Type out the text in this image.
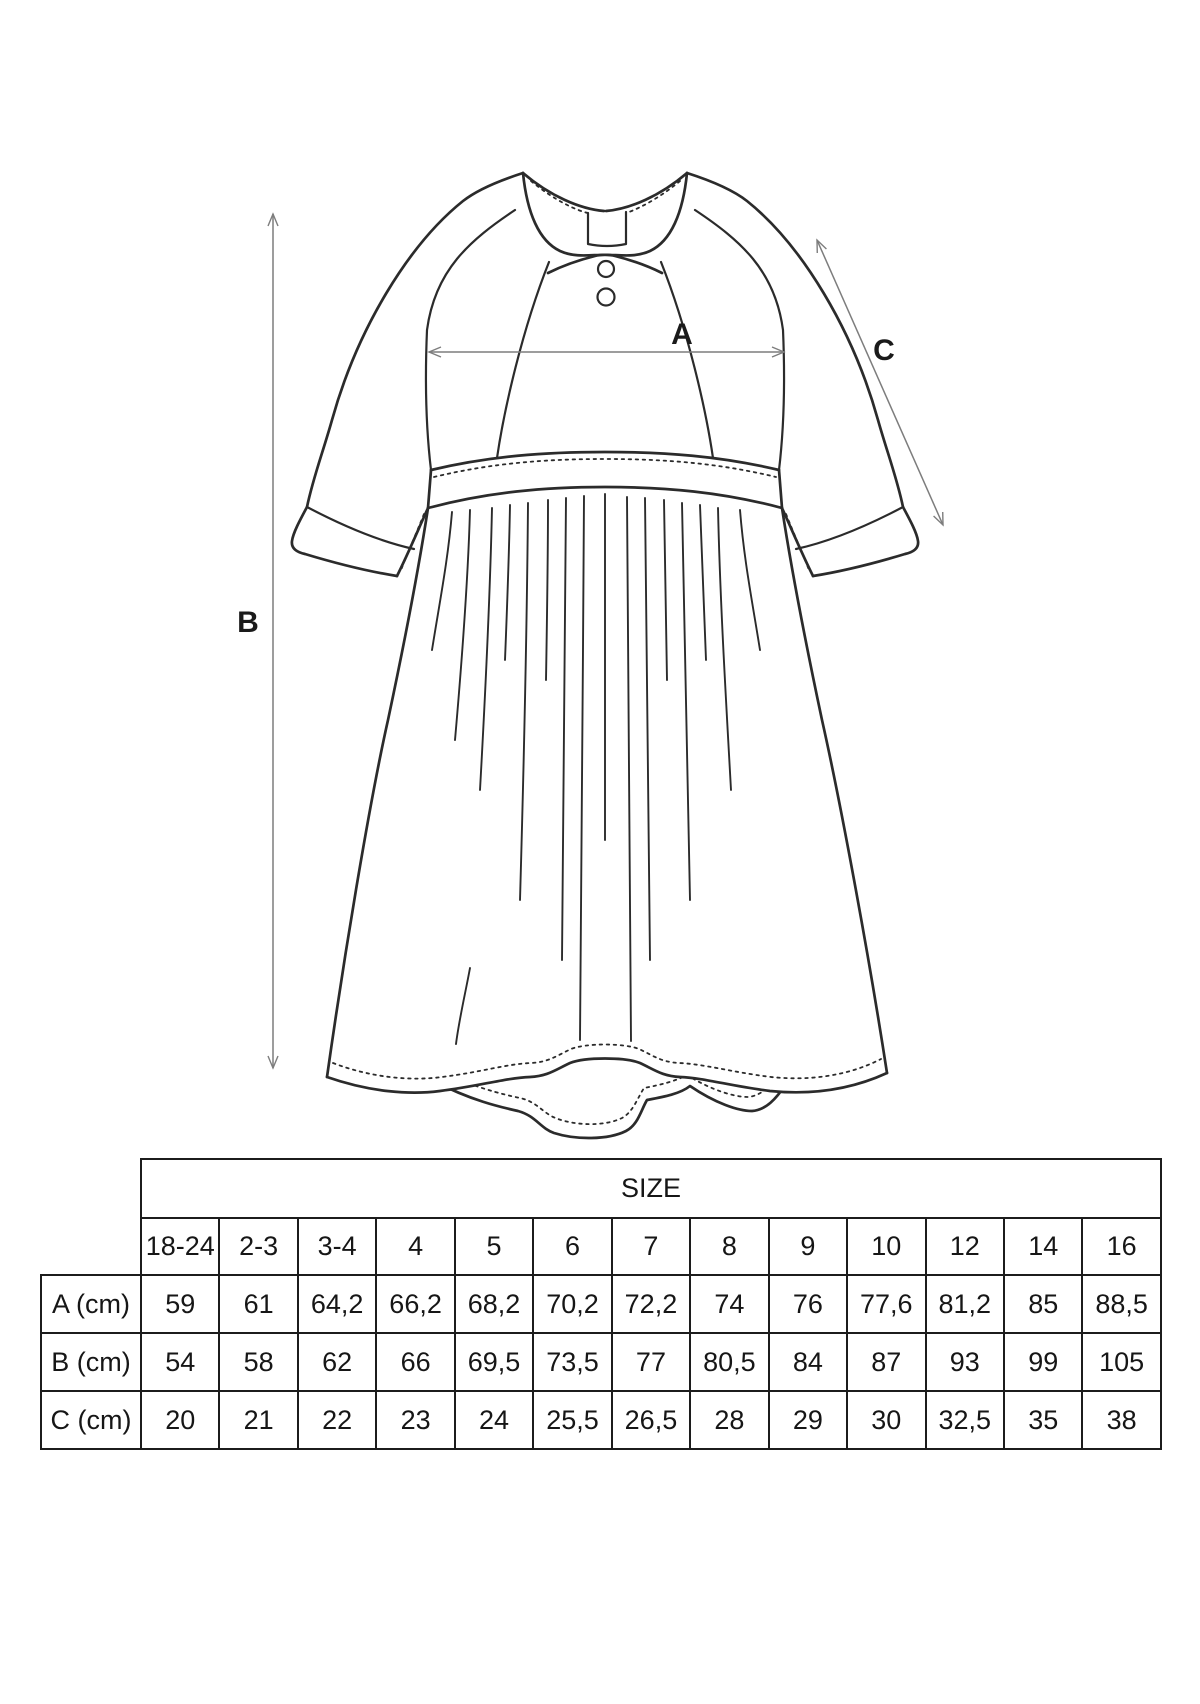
A
B
C
	SIZE												
	18-24	2-3	3-4	4	5	6	7	8	9	10	12	14	16
A (cm)	59	61	64,2	66,2	68,2	70,2	72,2	74	76	77,6	81,2	85	88,5
B (cm)	54	58	62	66	69,5	73,5	77	80,5	84	87	93	99	105
C (cm)	20	21	22	23	24	25,5	26,5	28	29	30	32,5	35	38
